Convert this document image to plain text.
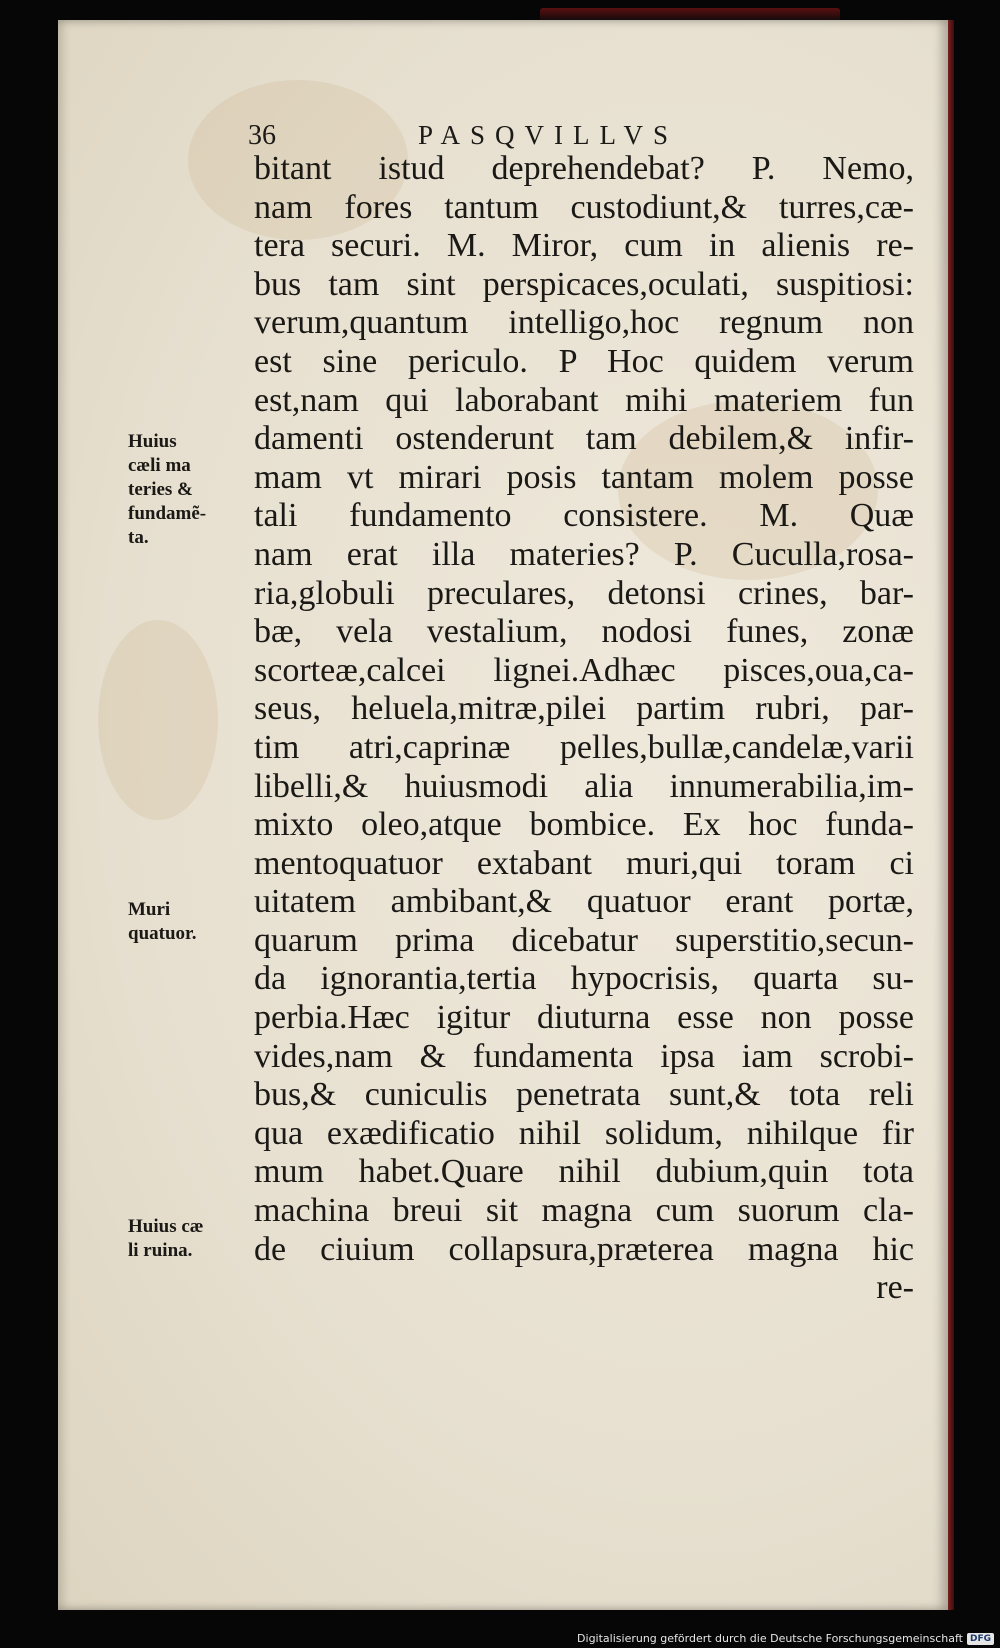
36	PASQVILLVS
bitant istud deprehendebat? P. Nemo,
nam fores tantum custodiunt,& turres,cæ-
tera securi. M. Miror, cum in alienis re-
bus tam sint perspicaces,oculati, suspitiosi:
verum,quantum intelligo,hoc regnum non
est sine periculo. P Hoc quidem verum
est,nam qui laborabant mihi materiem fun
damenti ostenderunt tam debilem,& infir-
mam vt mirari posis tantam molem posse
tali fundamento consistere. M. Quæ
nam erat illa materies? P. Cuculla,rosa-
ria,globuli preculares, detonsi crines, bar-
bæ, vela vestalium, nodosi funes, zonæ
scorteæ,calcei lignei.Adhæc pisces,oua,ca-
seus, heluela,mitræ,pilei partim rubri, par-
tim atri,caprinæ pelles,bullæ,candelæ,varii
libelli,& huiusmodi alia innumerabilia,im-
mixto oleo,atque bombice. Ex hoc funda-
mentoquatuor extabant muri,qui toram ci
uitatem ambibant,& quatuor erant portæ,
quarum prima dicebatur superstitio,secun-
da ignorantia,tertia hypocrisis, quarta su-
perbia.Hæc igitur diuturna esse non posse
vides,nam & fundamenta ipsa iam scrobi-
bus,& cuniculis penetrata sunt,& tota reli
qua exædificatio nihil solidum, nihilque fir
mum habet.Quare nihil dubium,quin tota
machina breui sit magna cum suorum cla-
de ciuium collapsura,præterea magna hic
re-
Huius
cæli ma
teries &
fundamẽ-
ta.
Muri
quatuor.
Huius cæ
li ruina.
Digitalisierung gefördert durch die Deutsche Forschungsgemeinschaft DFG
